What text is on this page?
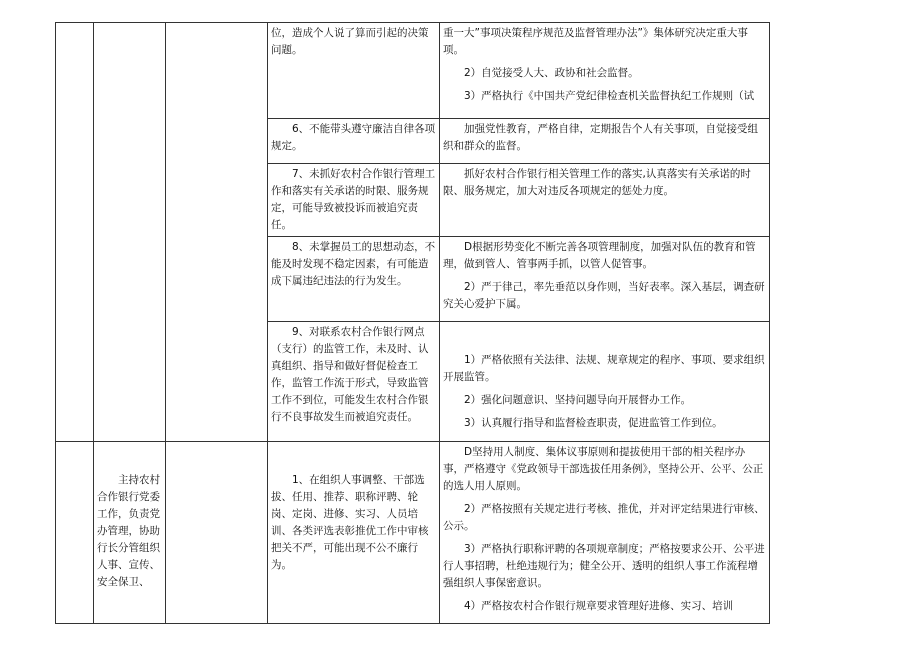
			位，造成个人说了算而引起的决策问题。	重一大”事项决策程序规范及监督管理办法”》集体研究决定重大事项。

2）自觉接受人大、政协和社会监督。

3）严格执行《中国共产党纪律检查机关监督执纪工作规则（试

			6、不能带头遵守廉洁自律各项规定。	加强党性教育，严格自律，定期报告个人有关事项，自觉接受组织和群众的监督。

			7、未抓好农村合作银行管理工作和落实有关承诺的时限、服务规定，可能导致被投诉而被追究责任。	抓好农村合作银行相关管理工作的落实,认真落实有关承诺的时限、服务规定，加大对违反各项规定的惩处力度。

			8、未掌握员工的思想动态，不能及时发现不稳定因素，有可能造成下属违纪违法的行为发生。	D根据形势变化不断完善各项管理制度，加强对队伍的教育和管理，做到管人、管事两手抓，以管人促管事。

2）严于律己，率先垂范以身作则，当好表率。深入基层，调查研究关心爱护下属。

			9、对联系农村合作银行网点（支行）的监管工作，未及时、认真组织、指导和做好督促检查工作，监管工作流于形式，导致监管工作不到位，可能发生农村合作银行不良事故发生而被追究责任。	1）严格依照有关法律、法规、规章规定的程序、事项、要求组织开展监管。

2）强化问题意识、坚持问题导向开展督办工作。

3）认真履行指导和监督检查职责，促进监管工作到位。

	主持农村合作银行党委工作，负责党办管理，协助行长分管组织人事、宣传、安全保卫、		1、在组织人事调整、干部选拔、任用、推荐、职称评聘、轮岗、定岗、进修、实习、人员培训、各类评选表彰推优工作中审核把关不严，可能出现不公不廉行为。	D坚持用人制度、集体议事原则和提拔使用干部的相关程序办事，严格遵守《党政领导干部选拔任用条例》，坚持公开、公平、公正的选人用人原则。

2）严格按照有关规定进行考核、推优，并对评定结果进行审核、公示。

3）严格执行职称评聘的各项规章制度；严格按要求公开、公平进行人事招聘，杜绝违规行为；健全公开、透明的组织人事工作流程增强组织人事保密意识。

4）严格按农村合作银行规章要求管理好进修、实习、培训
